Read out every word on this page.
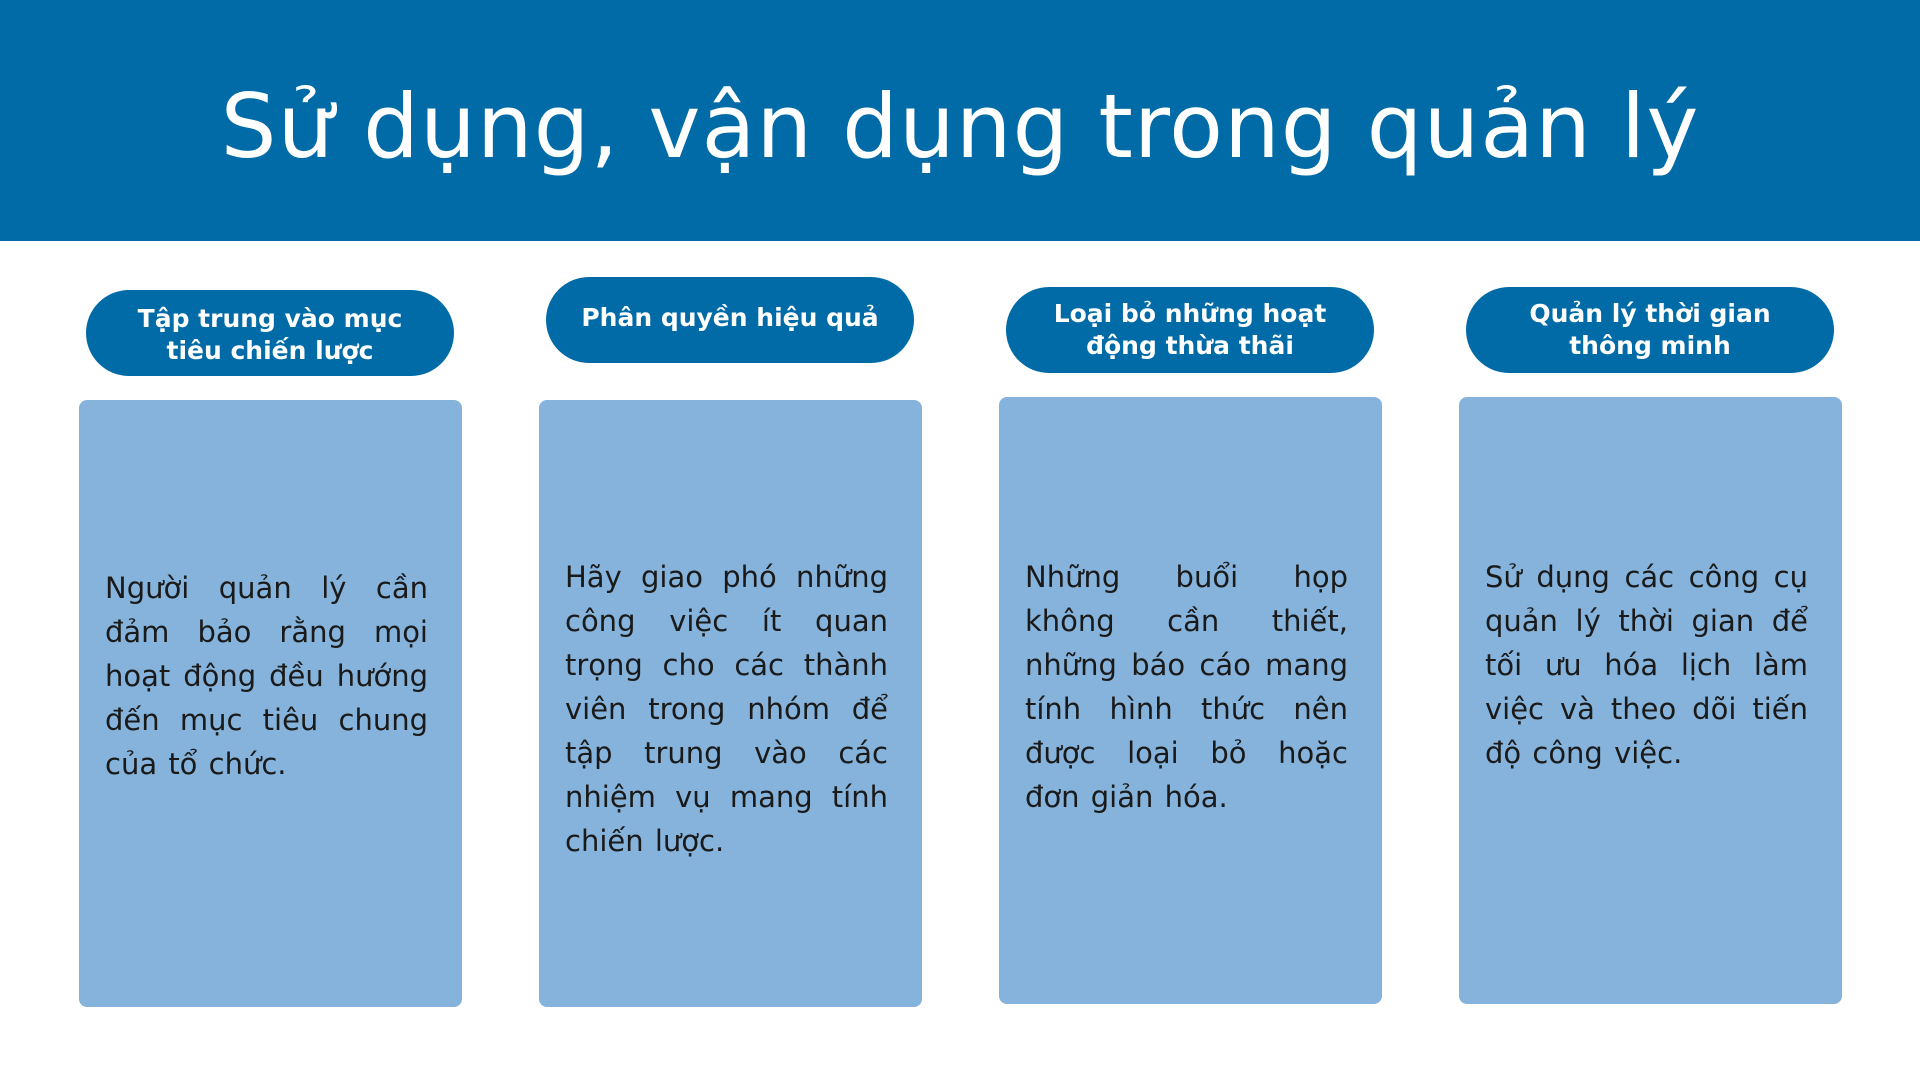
Sử dụng, vận dụng trong quản lý
Tập trung vào mục tiêu chiến lược
Người quản lý cần đảm bảo rằng mọi hoạt động đều hướng đến mục tiêu chung của tổ chức.
Phân quyền hiệu quả
Hãy giao phó những công việc ít quan trọng cho các thành viên trong nhóm để tập trung vào các nhiệm vụ mang tính chiến lược.
Loại bỏ những hoạt động thừa thãi
Những buổi họp không cần thiết, những báo cáo mang tính hình thức nên được loại bỏ hoặc đơn giản hóa.
Quản lý thời gian thông minh
Sử dụng các công cụ quản lý thời gian để tối ưu hóa lịch làm việc và theo dõi tiến độ công việc.
